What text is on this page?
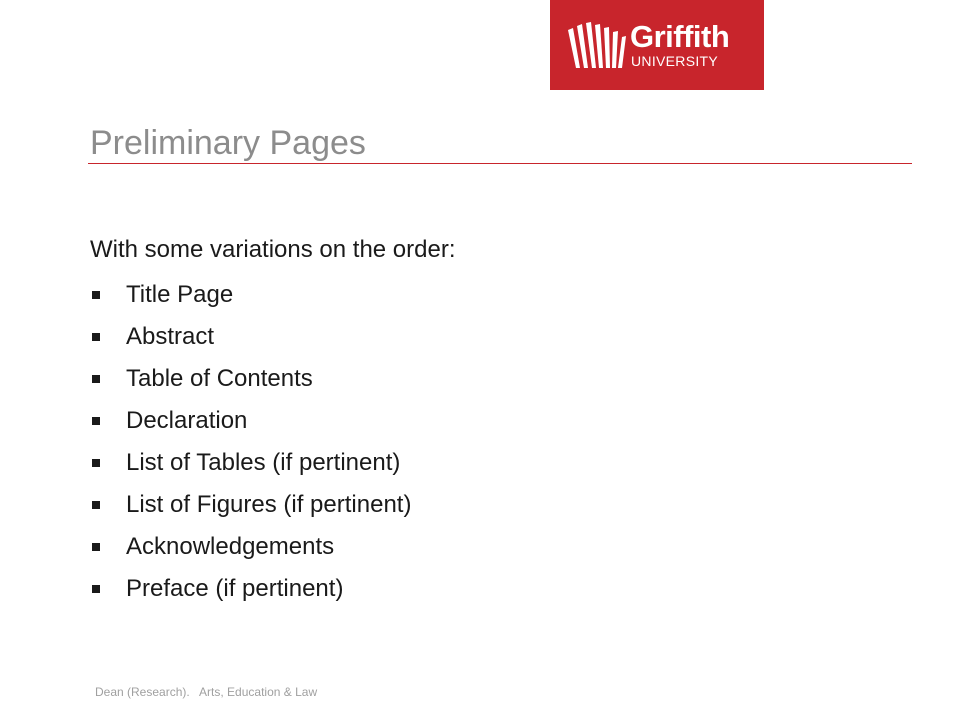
Griffith
UNIVERSITY
Preliminary Pages
With some variations on the order:
Title Page
Abstract
Table of Contents
Declaration
List of Tables (if pertinent)
List of Figures (if pertinent)
Acknowledgements
Preface (if pertinent)
Dean (Research).   Arts, Education & Law
